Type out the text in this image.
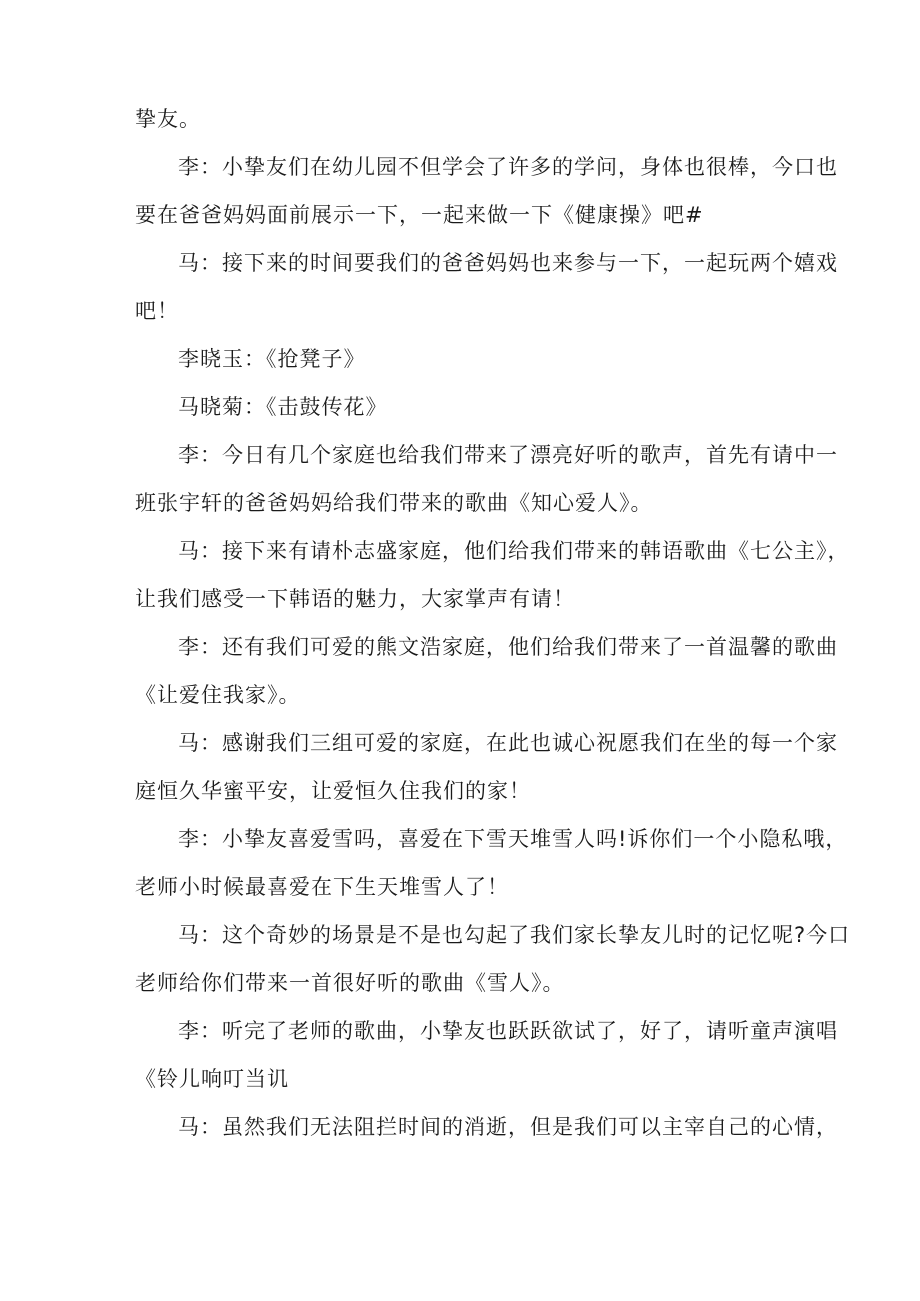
挚友。
李：小挚友们在幼儿园不但学会了许多的学问，身体也很棒，今口也
要在爸爸妈妈面前展示一下，一起来做一下《健康操》吧#
马：接下来的时间要我们的爸爸妈妈也来参与一下，一起玩两个嬉戏
吧！
李晓玉：《抢凳子》
马晓菊：《击鼓传花》
李：今日有几个家庭也给我们带来了漂亮好听的歌声，首先有请中一
班张宇轩的爸爸妈妈给我们带来的歌曲《知心爱人》。
马：接下来有请朴志盛家庭，他们给我们带来的韩语歌曲《七公主》，
让我们感受一下韩语的魅力，大家掌声有请！
李：还有我们可爱的熊文浩家庭，他们给我们带来了一首温馨的歌曲
《让爱住我家》。
马：感谢我们三组可爱的家庭，在此也诚心祝愿我们在坐的每一个家
庭恒久华蜜平安，让爱恒久住我们的家！
李：小挚友喜爱雪吗，喜爱在下雪天堆雪人吗!诉你们一个小隐私哦，
老师小时候最喜爱在下生天堆雪人了！
马：这个奇妙的场景是不是也勾起了我们家长挚友儿时的记忆呢?今口
老师给你们带来一首很好听的歌曲《雪人》。
李：听完了老师的歌曲，小挚友也跃跃欲试了，好了，请听童声演唱
《铃儿响叮当讥
马：虽然我们无法阻拦时间的消逝，但是我们可以主宰自己的心情，
